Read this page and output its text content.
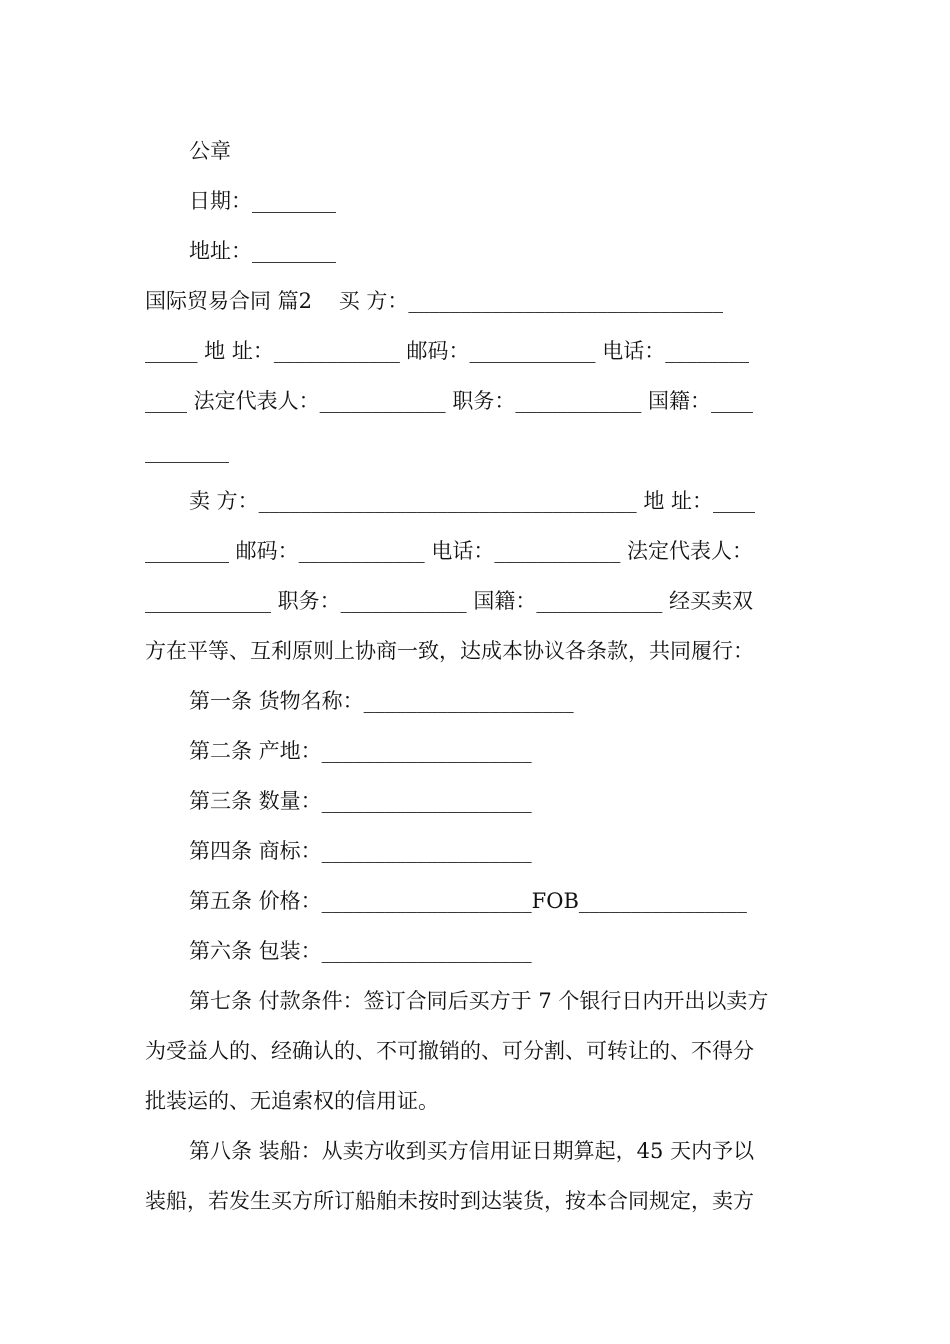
公章
日期：________
地址：________
国际贸易合同 篇2    买 方：______________________________
_____ 地 址：____________ 邮码：____________ 电话：________
____ 法定代表人：____________ 职务：____________ 国籍：____
________
卖 方：____________________________________ 地 址：____
________ 邮码：____________ 电话：____________ 法定代表人：
____________ 职务：____________ 国籍：____________ 经买卖双
方在平等、互利原则上协商一致，达成本协议各条款，共同履行：
第一条 货物名称：____________________
第二条 产地：____________________
第三条 数量：____________________
第四条 商标：____________________
第五条 价格：____________________FOB________________
第六条 包装：____________________
第七条 付款条件：签订合同后买方于 7 个银行日内开出以卖方
为受益人的、经确认的、不可撤销的、可分割、可转让的、不得分
批装运的、无追索权的信用证。
第八条 装船：从卖方收到买方信用证日期算起，45 天内予以
装船，若发生买方所订船舶未按时到达装货，按本合同规定，卖方
